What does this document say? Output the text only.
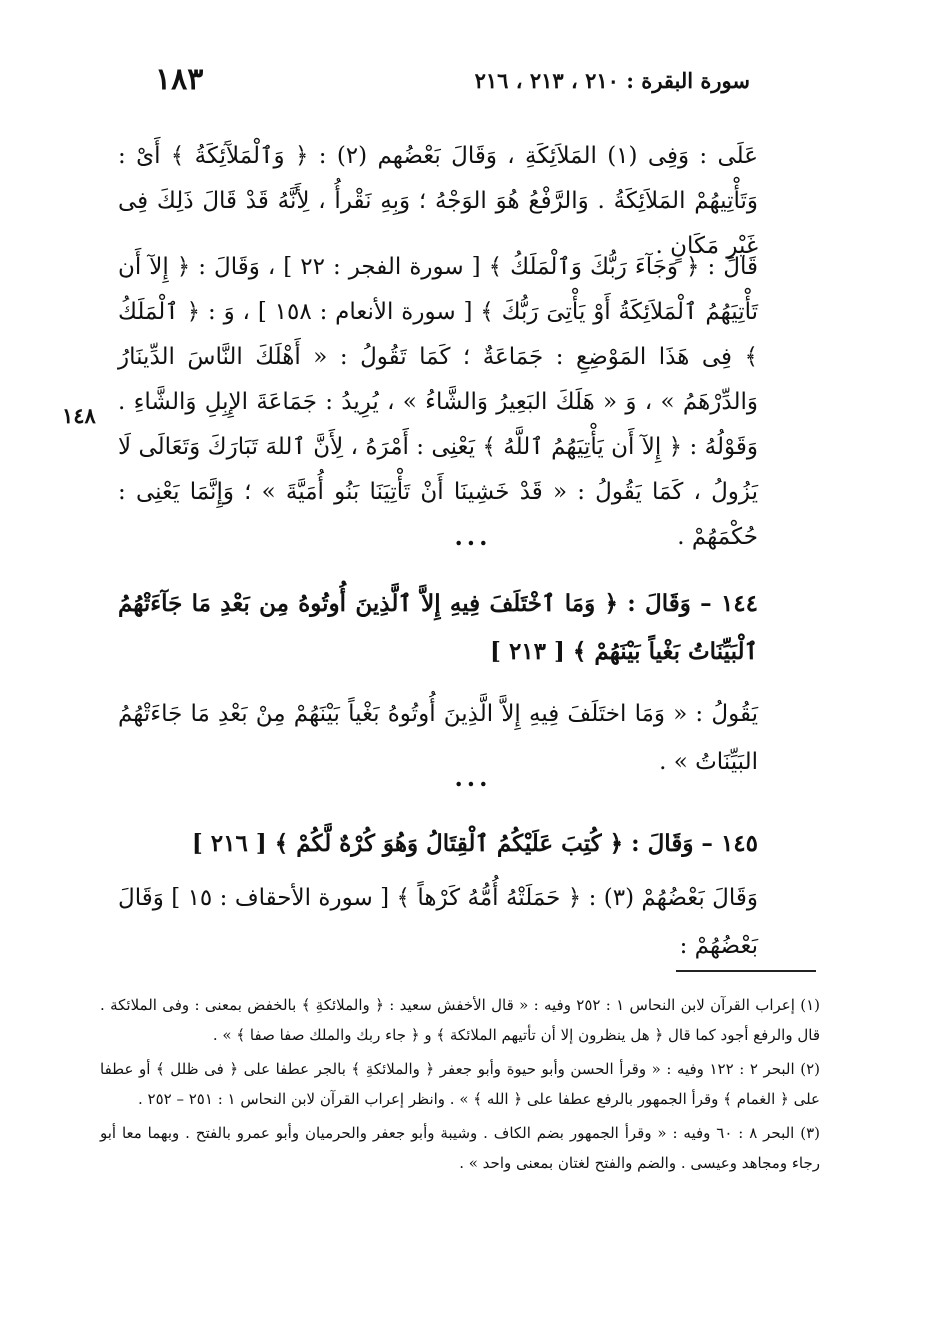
١٨٣	سورة البقرة : ٢١٠ ، ٢١٣ ، ٢١٦
عَلَى : وَفِى (١) المَلاَئِكَةِ ، وَقَالَ بَعْضُهم (٢) : ﴿ وَٱلْمَلآَئِكَةُ ﴾ أَىْ : وَتَأْتِيهُمْ المَلاَئِكَةُ . وَالرَّفْعُ هُوَ الوَجْهُ ؛ وَبِهِ نَقْرأُ ، لِأَنَّهُ قَدْ قَالَ ذَلِكَ فِى غَيْرِ مَكَانٍ .
قَالَ : ﴿ وَجَآءَ رَبُّكَ وَٱلْمَلَكُ ﴾ [ سورة الفجر : ٢٢ ] ، وَقَالَ : ﴿ إِلآ أَن تَأْتِيَهُمُ ٱلْمَلاَئِكَةُ أَوْ يَأْتِىَ رَبُّكَ ﴾ [ سورة الأنعام : ١٥٨ ] ، وَ : ﴿ ٱلْمَلَكُ ﴾ فِى هَذَا المَوْضِعِ : جَمَاعَةٌ ؛ كَمَا تَقُولُ : « أَهْلَكَ النَّاسَ الدِّينَارُ وَالدِّرْهَمُ » ، وَ « هَلَكَ البَعِيرُ وَالشَّاءُ » ، يُرِيدُ : جَمَاعَةَ الإِبِلِ وَالشَّاءِ . وَقَوْلُهُ : ﴿ إِلآ أَن يَأْتِيَهُمُ ٱللَّهُ ﴾ يَعْنِى : أَمْرَهُ ، لِأَنَّ ٱللهَ تَبَارَكَ وَتَعَالَى لَا يَزُولُ ، كَمَا يَقُولُ : « قَدْ خَشِينَا أَنْ تَأْتِيَنَا بَنُو أُمَيَّةَ » ؛ وَإِنَّمَا يَعْنِى : حُكْمَهُمْ .
١٤٨
...
١٤٤ – وَقَالَ : ﴿ وَمَا ٱخْتَلَفَ فِيهِ إِلاَّ ٱلَّذِينَ أُوتُوهُ مِن بَعْدِ مَا جَآءَتْهُمُ ٱلْبَيِّنَاتُ بَغْياً بَيْنَهُمْ ﴾ [ ٢١٣ ]
يَقُولُ : « وَمَا اختَلَفَ فِيهِ إِلاَّ الَّذِينَ أُوتُوهُ بَغْياً بَيْنَهُمْ مِنْ بَعْدِ مَا جَاءَتْهُمُ البَيِّنَاتُ » .
...
١٤٥ – وَقَالَ : ﴿ كُتِبَ عَلَيْكُمُ ٱلْقِتَالُ وَهُوَ كُرْهٌ لَّكُمْ ﴾ [ ٢١٦ ]
وَقَالَ بَعْضُهُمْ (٣) : ﴿ حَمَلَتْهُ أُمُّهُ كَرْهاً ﴾ [ سورة الأحقاف : ١٥ ] وَقَالَ بَعْضُهُمْ :
(١) إعراب القرآن لابن النحاس ١ : ٢٥٢ وفيه : « قال الأخفش سعيد : ﴿ والملائكةِ ﴾ بالخفض بمعنى : وفى الملائكة . قال والرفع أجود كما قال ﴿ هل ينظرون إلا أن تأتيهم الملائكة ﴾ و ﴿ جاء ربك والملك صفا صفا ﴾ » .
(٢) البحر ٢ : ١٢٢ وفيه : « وقرأ الحسن وأبو حيوة وأبو جعفر ﴿ والملائكةِ ﴾ بالجر عطفا على ﴿ فى ظلل ﴾ أو عطفا على ﴿ الغمام ﴾ وقرأ الجمهور بالرفع عطفا على ﴿ الله ﴾ » . وانظر إعراب القرآن لابن النحاس ١ : ٢٥١ – ٢٥٢ .
(٣) البحر ٨ : ٦٠ وفيه : « وقرأ الجمهور بضم الكاف . وشيبة وأبو جعفر والحرميان وأبو عمرو بالفتح . وبهما معا أبو رجاء ومجاهد وعيسى . والضم والفتح لغتان بمعنى واحد » .
